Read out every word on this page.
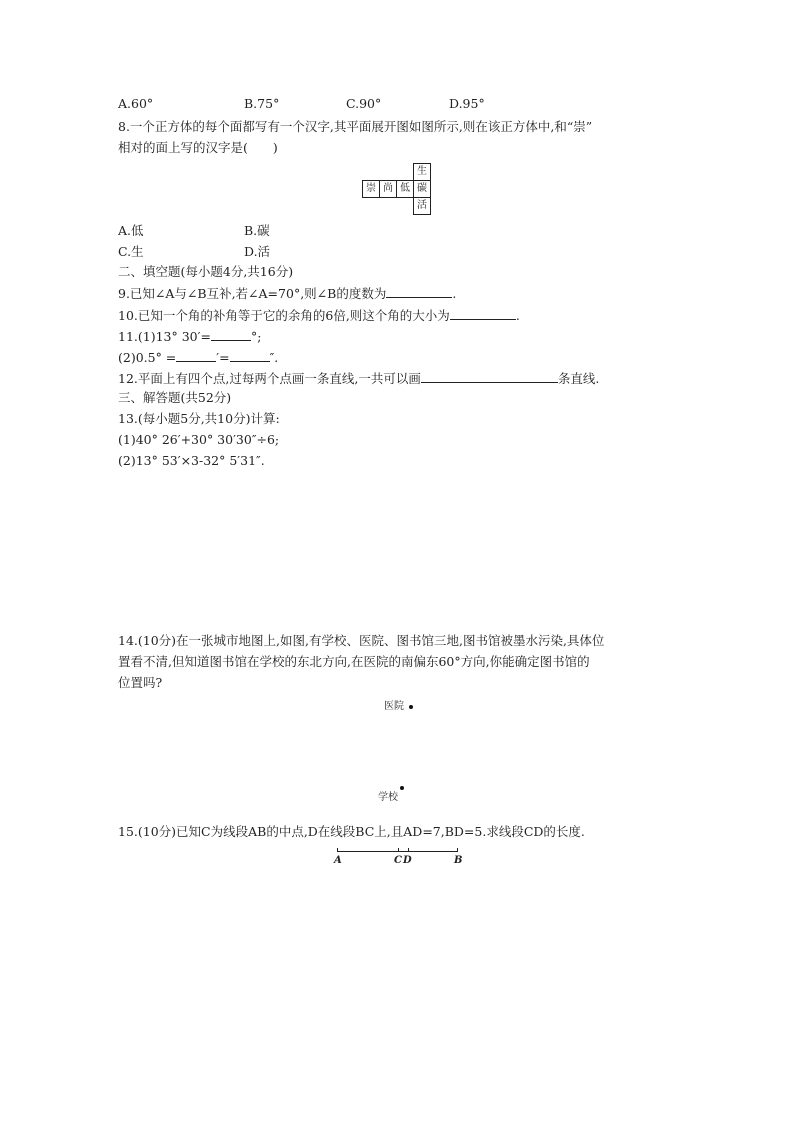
A.60°	B.75°	C.90°	D.95°
8.一个正方体的每个面都写有一个汉字,其平面展开图如图所示,则在该正方体中,和“崇”
相对的面上写的汉字是(　　)
崇 尚 低 碳
生
活
A.低	B.碳
C.生	D.活
二、填空题(每小题4分,共16分)
9.已知∠A与∠B互补,若∠A=70°,则∠B的度数为	.
10.已知一个角的补角等于它的余角的6倍,则这个角的大小为	.
11.(1)13° 30′=	°;
(2)0.5° =	′=	″.
12.平面上有四个点,过每两个点画一条直线,一共可以画	条直线.
三、解答题(共52分)
13.(每小题5分,共10分)计算:
(1)40° 26′+30° 30′30″÷6;
(2)13° 53′×3-32° 5′31″.
14.(10分)在一张城市地图上,如图,有学校、医院、图书馆三地,图书馆被墨水污染,具体位
置看不清,但知道图书馆在学校的东北方向,在医院的南偏东60°方向,你能确定图书馆的
位置吗?
医院
学校
15.(10分)已知C为线段AB的中点,D在线段BC上,且AD=7,BD=5.求线段CD的长度.
A	C D	B
